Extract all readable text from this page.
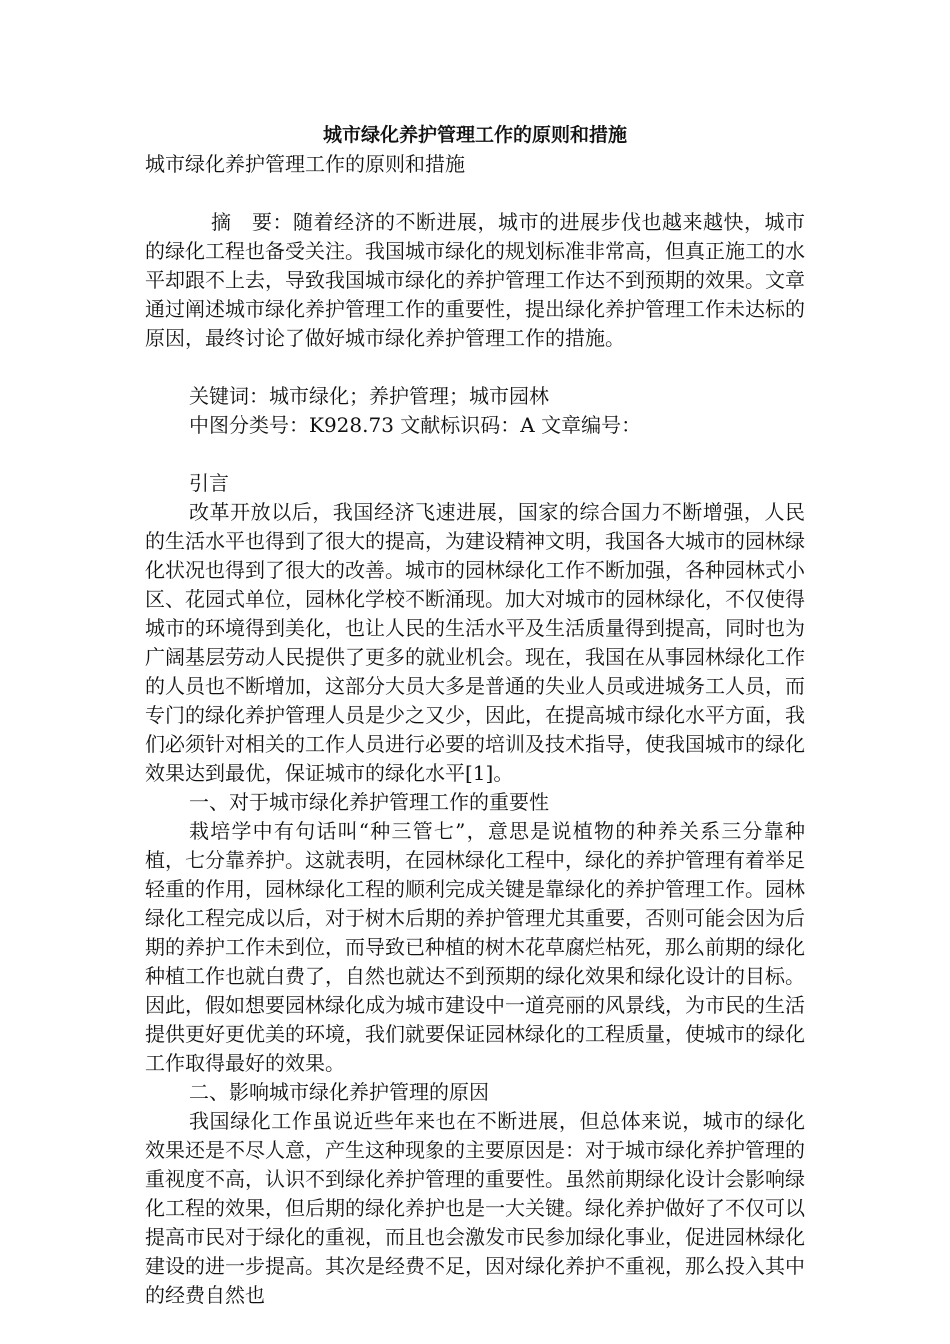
城市绿化养护管理工作的原则和措施

城市绿化养护管理工作的原则和措施

摘　要：随着经济的不断进展，城市的进展步伐也越来越快，城市的绿化工程也备受关注。我国城市绿化的规划标准非常高，但真正施工的水平却跟不上去，导致我国城市绿化的养护管理工作达不到预期的效果。文章通过阐述城市绿化养护管理工作的重要性，提出绿化养护管理工作未达标的原因，最终讨论了做好城市绿化养护管理工作的措施。

关键词：城市绿化；养护管理；城市园林

中图分类号：K928.73 文献标识码：A 文章编号：

引言

改革开放以后，我国经济飞速进展，国家的综合国力不断增强，人民的生活水平也得到了很大的提高，为建设精神文明，我国各大城市的园林绿化状况也得到了很大的改善。城市的园林绿化工作不断加强，各种园林式小区、花园式单位，园林化学校不断涌现。加大对城市的园林绿化，不仅使得城市的环境得到美化，也让人民的生活水平及生活质量得到提高，同时也为广阔基层劳动人民提供了更多的就业机会。现在，我国在从事园林绿化工作的人员也不断增加，这部分大员大多是普通的失业人员或进城务工人员，而专门的绿化养护管理人员是少之又少，因此，在提高城市绿化水平方面，我们必须针对相关的工作人员进行必要的培训及技术指导，使我国城市的绿化效果达到最优，保证城市的绿化水平[1]。

一、对于城市绿化养护管理工作的重要性

栽培学中有句话叫“种三管七”，意思是说植物的种养关系三分靠种植，七分靠养护。这就表明，在园林绿化工程中，绿化的养护管理有着举足轻重的作用，园林绿化工程的顺利完成关键是靠绿化的养护管理工作。园林绿化工程完成以后，对于树木后期的养护管理尤其重要，否则可能会因为后期的养护工作未到位，而导致已种植的树木花草腐烂枯死，那么前期的绿化种植工作也就白费了，自然也就达不到预期的绿化效果和绿化设计的目标。因此，假如想要园林绿化成为城市建设中一道亮丽的风景线，为市民的生活提供更好更优美的环境，我们就要保证园林绿化的工程质量，使城市的绿化工作取得最好的效果。

二、影响城市绿化养护管理的原因

我国绿化工作虽说近些年来也在不断进展，但总体来说，城市的绿化效果还是不尽人意，产生这种现象的主要原因是：对于城市绿化养护管理的重视度不高，认识不到绿化养护管理的重要性。虽然前期绿化设计会影响绿化工程的效果，但后期的绿化养护也是一大关键。绿化养护做好了不仅可以提高市民对于绿化的重视，而且也会激发市民参加绿化事业，促进园林绿化建设的进一步提高。其次是经费不足，因对绿化养护不重视，那么投入其中的经费自然也
